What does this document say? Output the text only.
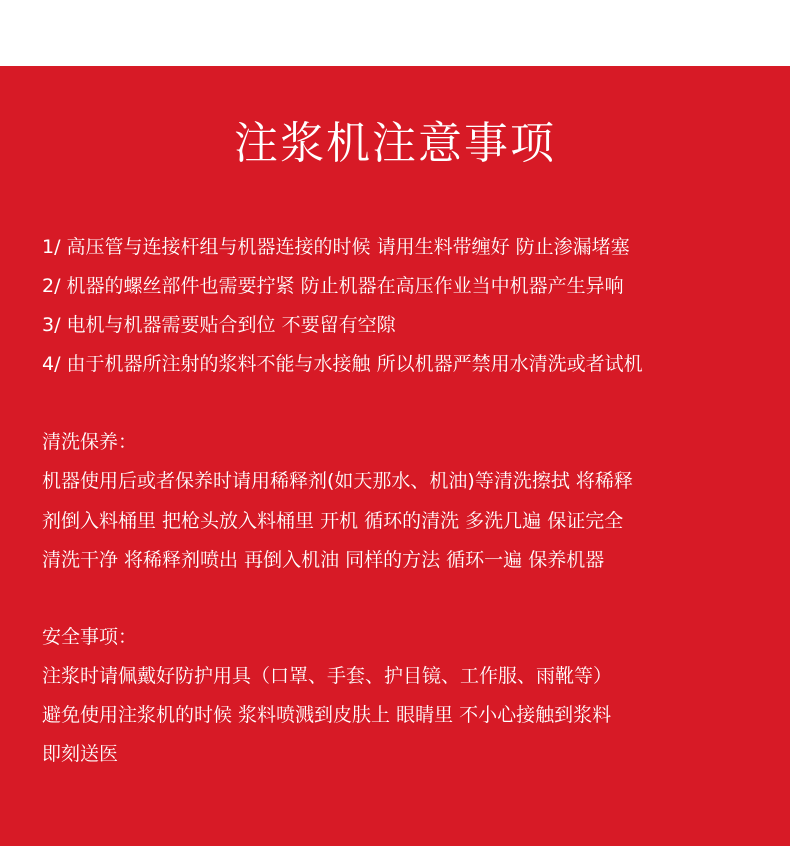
注浆机注意事项
1/ 高压管与连接杆组与机器连接的时候 请用生料带缠好 防止渗漏堵塞
2/ 机器的螺丝部件也需要拧紧 防止机器在高压作业当中机器产生异响
3/ 电机与机器需要贴合到位 不要留有空隙
4/ 由于机器所注射的浆料不能与水接触 所以机器严禁用水清洗或者试机
清洗保养：
机器使用后或者保养时请用稀释剂(如天那水、机油)等清洗擦拭 将稀释
剂倒入料桶里 把枪头放入料桶里 开机 循环的清洗 多洗几遍 保证完全
清洗干净 将稀释剂喷出 再倒入机油 同样的方法 循环一遍 保养机器
安全事项：
注浆时请佩戴好防护用具（口罩、手套、护目镜、工作服、雨靴等）
避免使用注浆机的时候 浆料喷溅到皮肤上 眼睛里 不小心接触到浆料
即刻送医
